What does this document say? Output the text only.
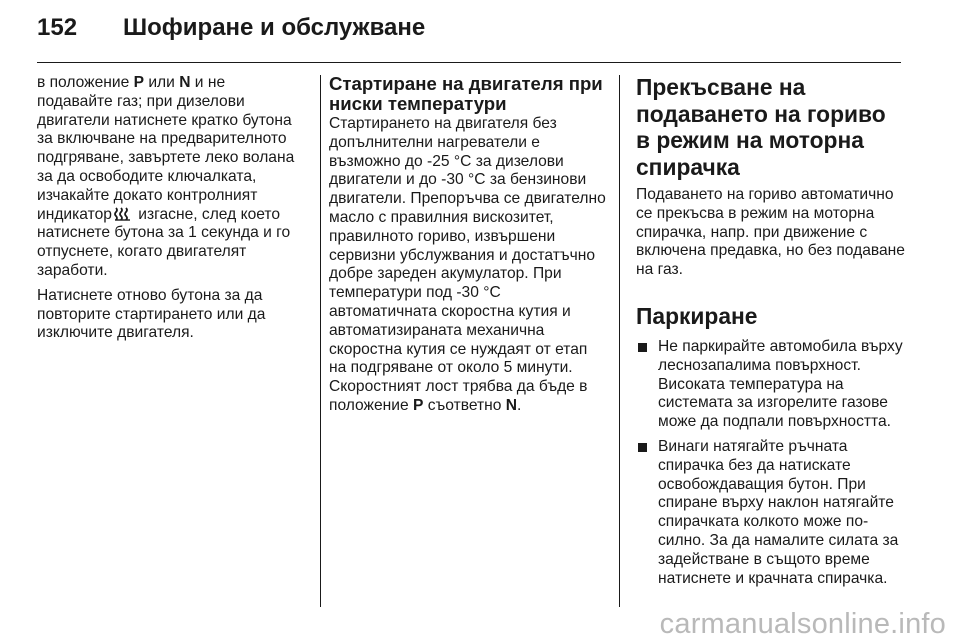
152	Шофиране и обслужване

в положение P или N и не подавайте газ; при дизелови двигатели натиснете кратко бутона за включване на предварителното подгряване, завъртете леко волана за да освободите ключалката, изчакайте докато контролният индикатор изгасне, след което натиснете бутона за 1 секунда и го отпуснете, когато двигателят заработи.

Натиснете отново бутона за да повторите стартирането или да изключите двигателя.

Стартиране на двигателя при ниски температури

Стартирането на двигателя без допълнителни нагреватели е възможно до -25 °C за дизелови двигатели и до -30 °C за бензинови двигатели. Препоръчва се двигателно масло с правилния вискозитет, правилното гориво, извършени сервизни убслужвания и достатъчно добре зареден акумулатор. При температури под -30 °C автоматичната скоростна кутия и автоматизираната механична скоростна кутия се нуждаят от етап на подгряване от около 5 минути. Скоростният лост трябва да бъде в положение P съответно N.

Прекъсване на подаването на гориво в режим на моторна спирачка

Подаването на гориво автоматично се прекъсва в режим на моторна спирачка, напр. при движение с включена предавка, но без подаване на газ.

Паркиране
Не паркирайте автомобила върху леснозапалима повърхност. Високата температура на системата за изгорелите газове може да подпали повърхността.
Винаги натягайте ръчната спирачка без да натискате освобождаващия бутон. При спиране върху наклон натягайте спирачката колкото може по-силно. За да намалите силата за задействане в същото време натиснете и крачната спирачка.
carmanualsonline.info
